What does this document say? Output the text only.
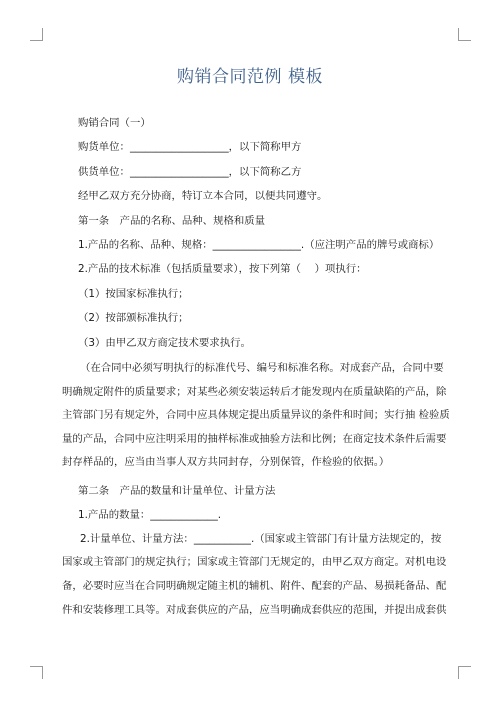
购销合同范例 模板
购销合同（一）
购货单位：___________________，以下简称甲方
供货单位：___________________，以下简称乙方
经甲乙双方充分协商，特订立本合同，以便共同遵守。
第一条　产品的名称、品种、规格和质量
1.产品的名称、品种、规格：_________________.（应注明产品的牌号或商标）
2.产品的技术标准（包括质量要求），按下列第（　 ）项执行：
（1）按国家标准执行；
（2）按部颁标准执行；
（3）由甲乙双方商定技术要求执行。
（在合同中必须写明执行的标准代号、编号和标准名称。对成套产品，合同中要
明确规定附件的质量要求；对某些必须安装运转后才能发现内在质量缺陷的产品，除
主管部门另有规定外，合同中应具体规定提出质量异议的条件和时间；实行抽 检验质
量的产品，合同中应注明采用的抽样标准或抽验方法和比例；在商定技术条件后需要
封存样品的，应当由当事人双方共同封存，分别保管，作检验的依据。）
第二条　产品的数量和计量单位、计量方法
1.产品的数量：_____________.
2.计量单位、计量方法：___________.（国家或主管部门有计量方法规定的，按
国家或主管部门的规定执行；国家或主管部门无规定的，由甲乙双方商定。对机电设
备，必要时应当在合同明确规定随主机的辅机、附件、配套的产品、易损耗备品、配
件和安装修理工具等。对成套供应的产品，应当明确成套供应的范围，并提出成套供
